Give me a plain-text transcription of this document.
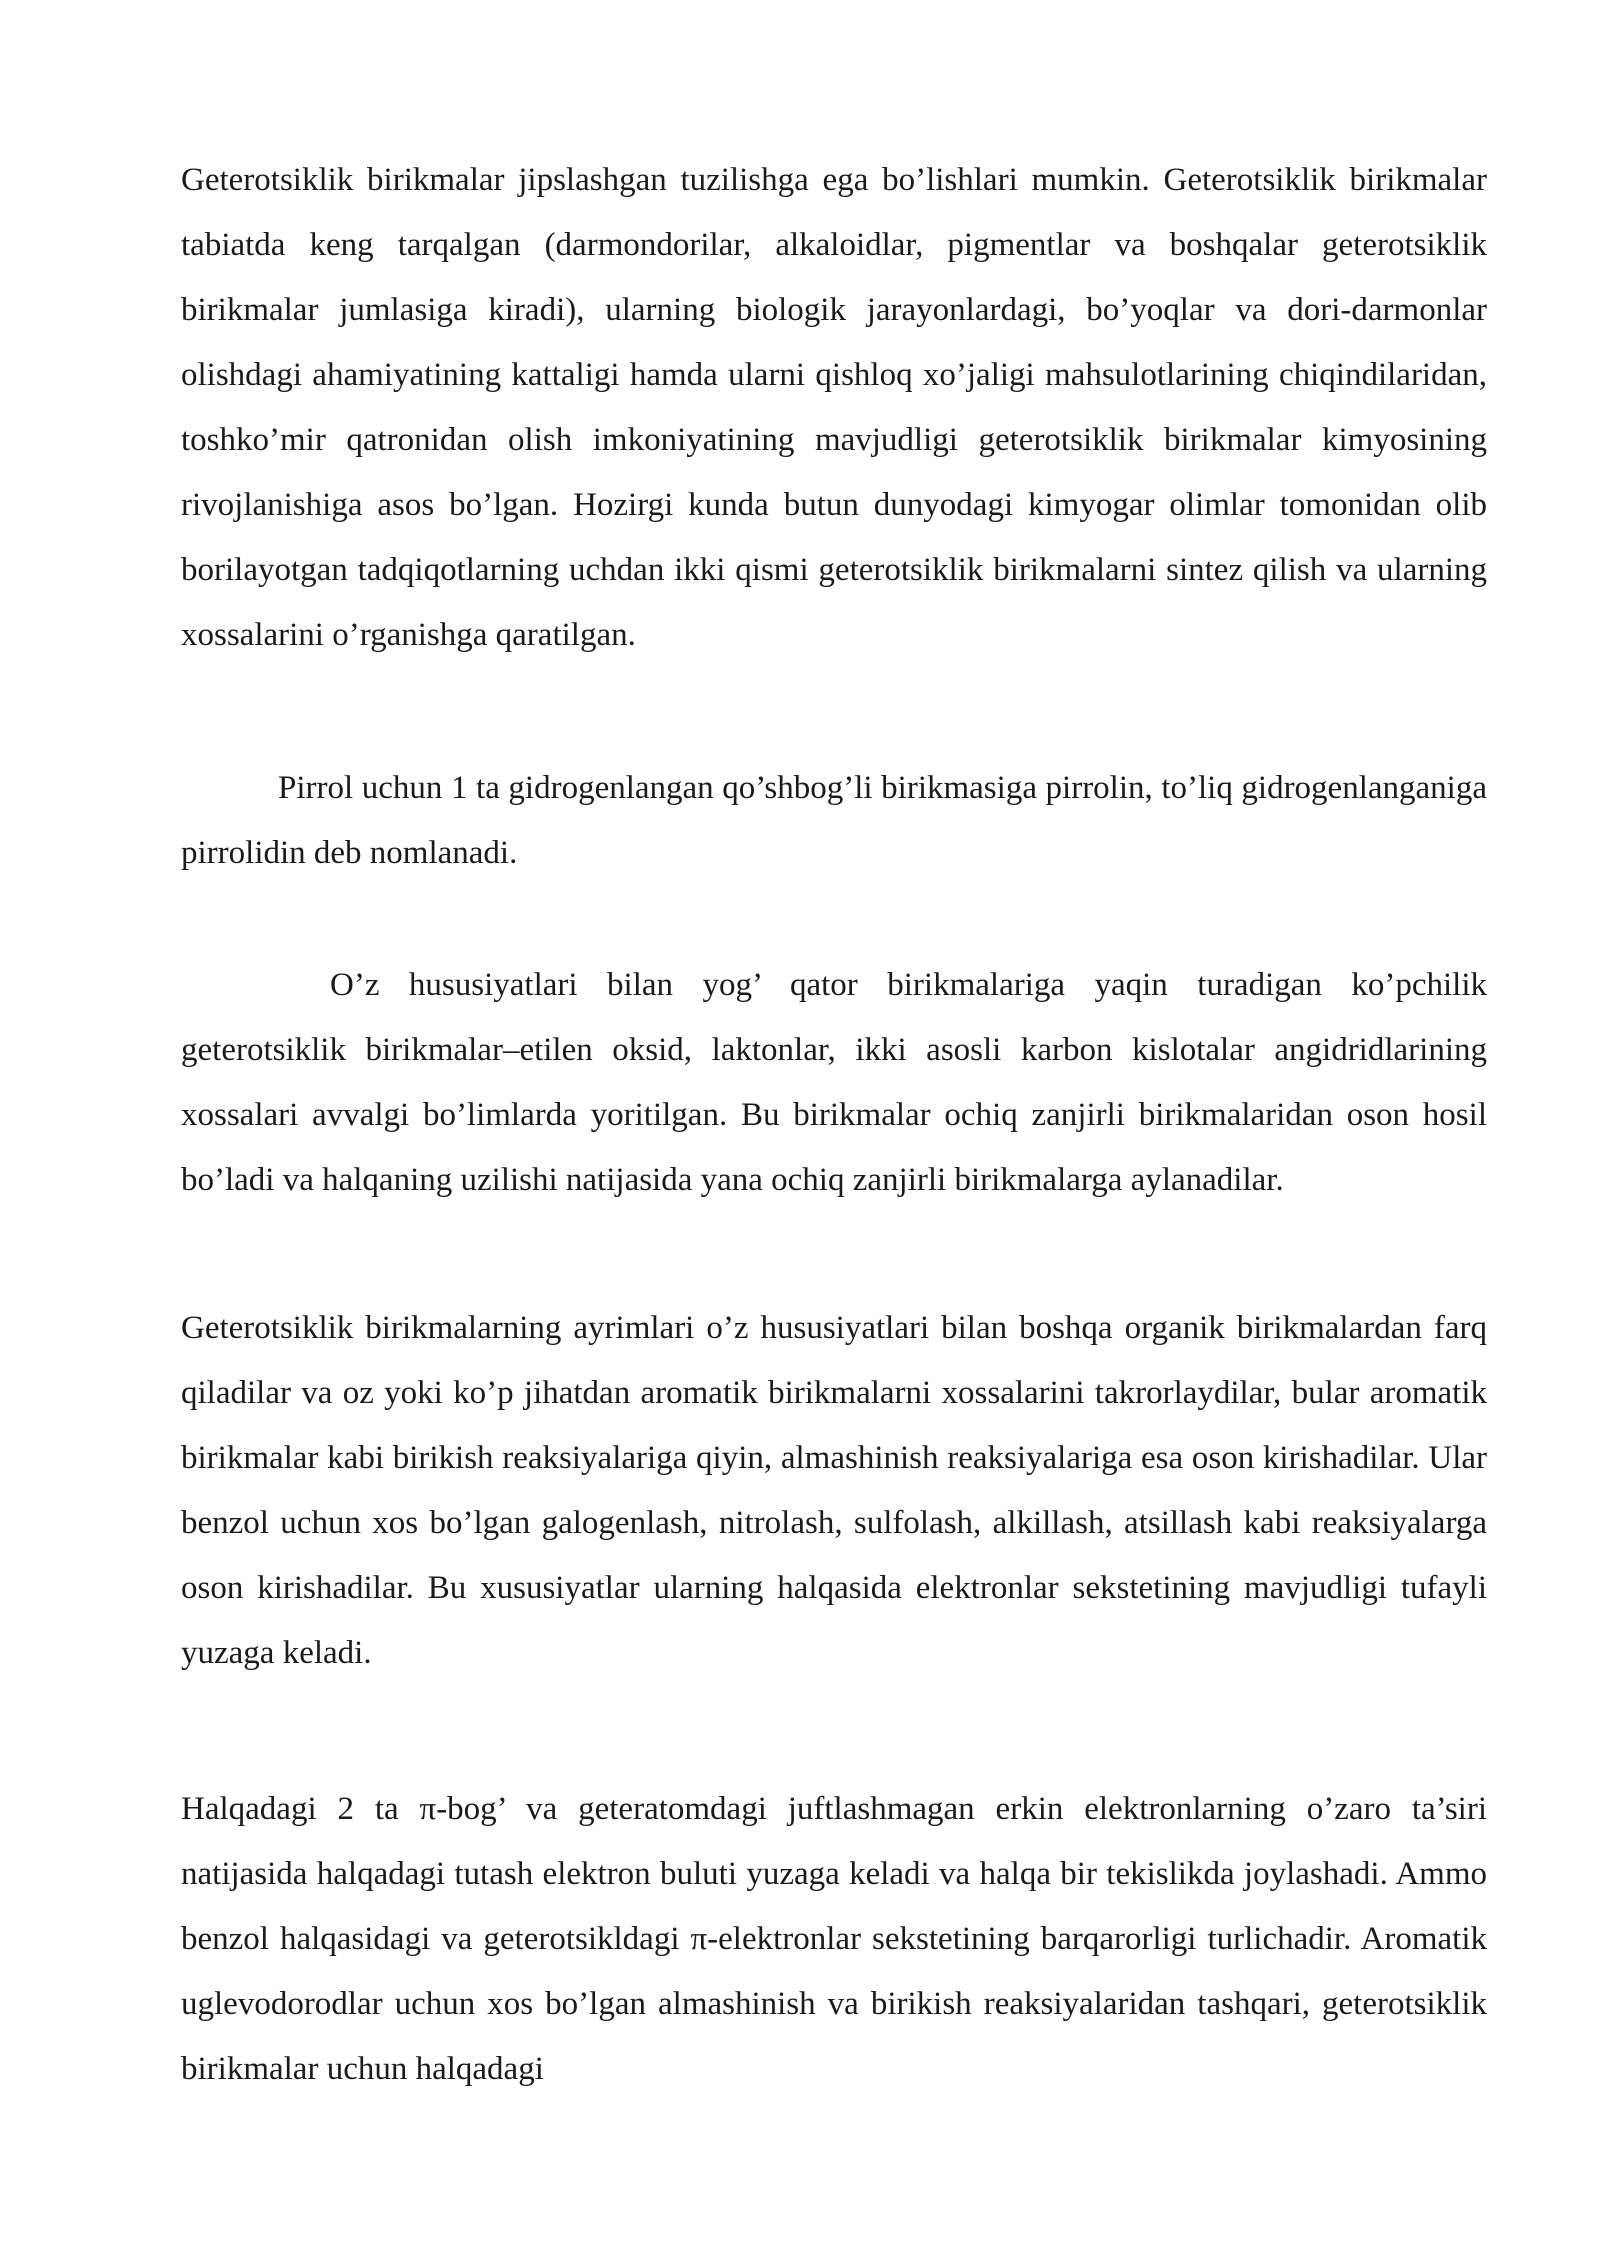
Geterotsiklik birikmalar jipslashgan tuzilishga ega bo’lishlari mumkin. Geterotsiklik birikmalar tabiatda keng tarqalgan (darmondorilar, alkaloidlar, pigmentlar va boshqalar geterotsiklik birikmalar jumlasiga kiradi), ularning biologik jarayonlardagi, bo’yoqlar va dori-darmonlar olishdagi ahamiyatining kattaligi hamda ularni qishloq xo’jaligi mahsulotlarining chiqindilaridan, toshko’mir qatronidan olish imkoniyatining mavjudligi geterotsiklik birikmalar kimyosining rivojlanishiga asos bo’lgan. Hozirgi kunda butun dunyodagi kimyogar olimlar tomonidan olib borilayotgan tadqiqotlarning uchdan ikki qismi geterotsiklik birikmalarni sintez qilish va ularning xossalarini o’rganishga qaratilgan.

Pirrol uchun 1 ta gidrogenlangan qo’shbog’li birikmasiga pirrolin, to’liq gidrogenlanganiga pirrolidin deb nomlanadi.

O’z hususiyatlari bilan yog’ qator birikmalariga yaqin turadigan ko’pchilik geterotsiklik birikmalar–etilen oksid, laktonlar, ikki asosli karbon kislotalar angidridlarining xossalari avvalgi bo’limlarda yoritilgan. Bu birikmalar ochiq zanjirli birikmalaridan oson hosil bo’ladi va halqaning uzilishi natijasida yana ochiq zanjirli birikmalarga aylanadilar.

Geterotsiklik birikmalarning ayrimlari o’z hususiyatlari bilan boshqa organik birikmalardan farq qiladilar va oz yoki ko’p jihatdan aromatik birikmalarni xossalarini takrorlaydilar, bular aromatik birikmalar kabi birikish reaksiyalariga qiyin, almashinish reaksiyalariga esa oson kirishadilar. Ular benzol uchun xos bo’lgan galogenlash, nitrolash, sulfolash, alkillash, atsillash kabi reaksiyalarga oson kirishadilar. Bu xususiyatlar ularning halqasida elektronlar sekstetining mavjudligi tufayli yuzaga keladi.

Halqadagi 2 ta π-bog’ va geteratomdagi juftlashmagan erkin elektronlarning o’zaro ta’siri natijasida halqadagi tutash elektron buluti yuzaga keladi va halqa bir tekislikda joylashadi. Ammo benzol halqasidagi va geterotsikldagi π-elektronlar sekstetining barqarorligi turlichadir. Aromatik uglevodorodlar uchun xos bo’lgan almashinish va birikish reaksiyalaridan tashqari, geterotsiklik birikmalar uchun halqadagi
